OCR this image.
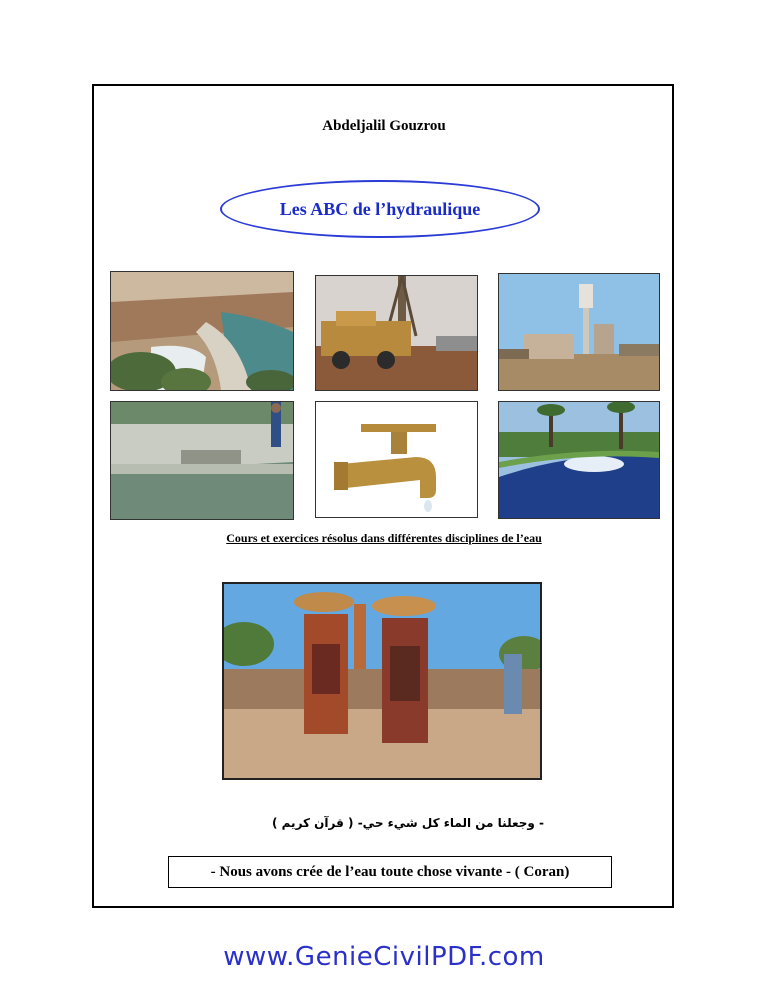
Abdeljalil Gouzrou
Les ABC de l’hydraulique
Cours et exercices résolus dans différentes disciplines de l’eau
- وجعلنا من الماء كل شيء حي- ( قرآن كريم )
- Nous avons crée de l’eau toute chose vivante - ( Coran)
www.GenieCivilPDF.com
